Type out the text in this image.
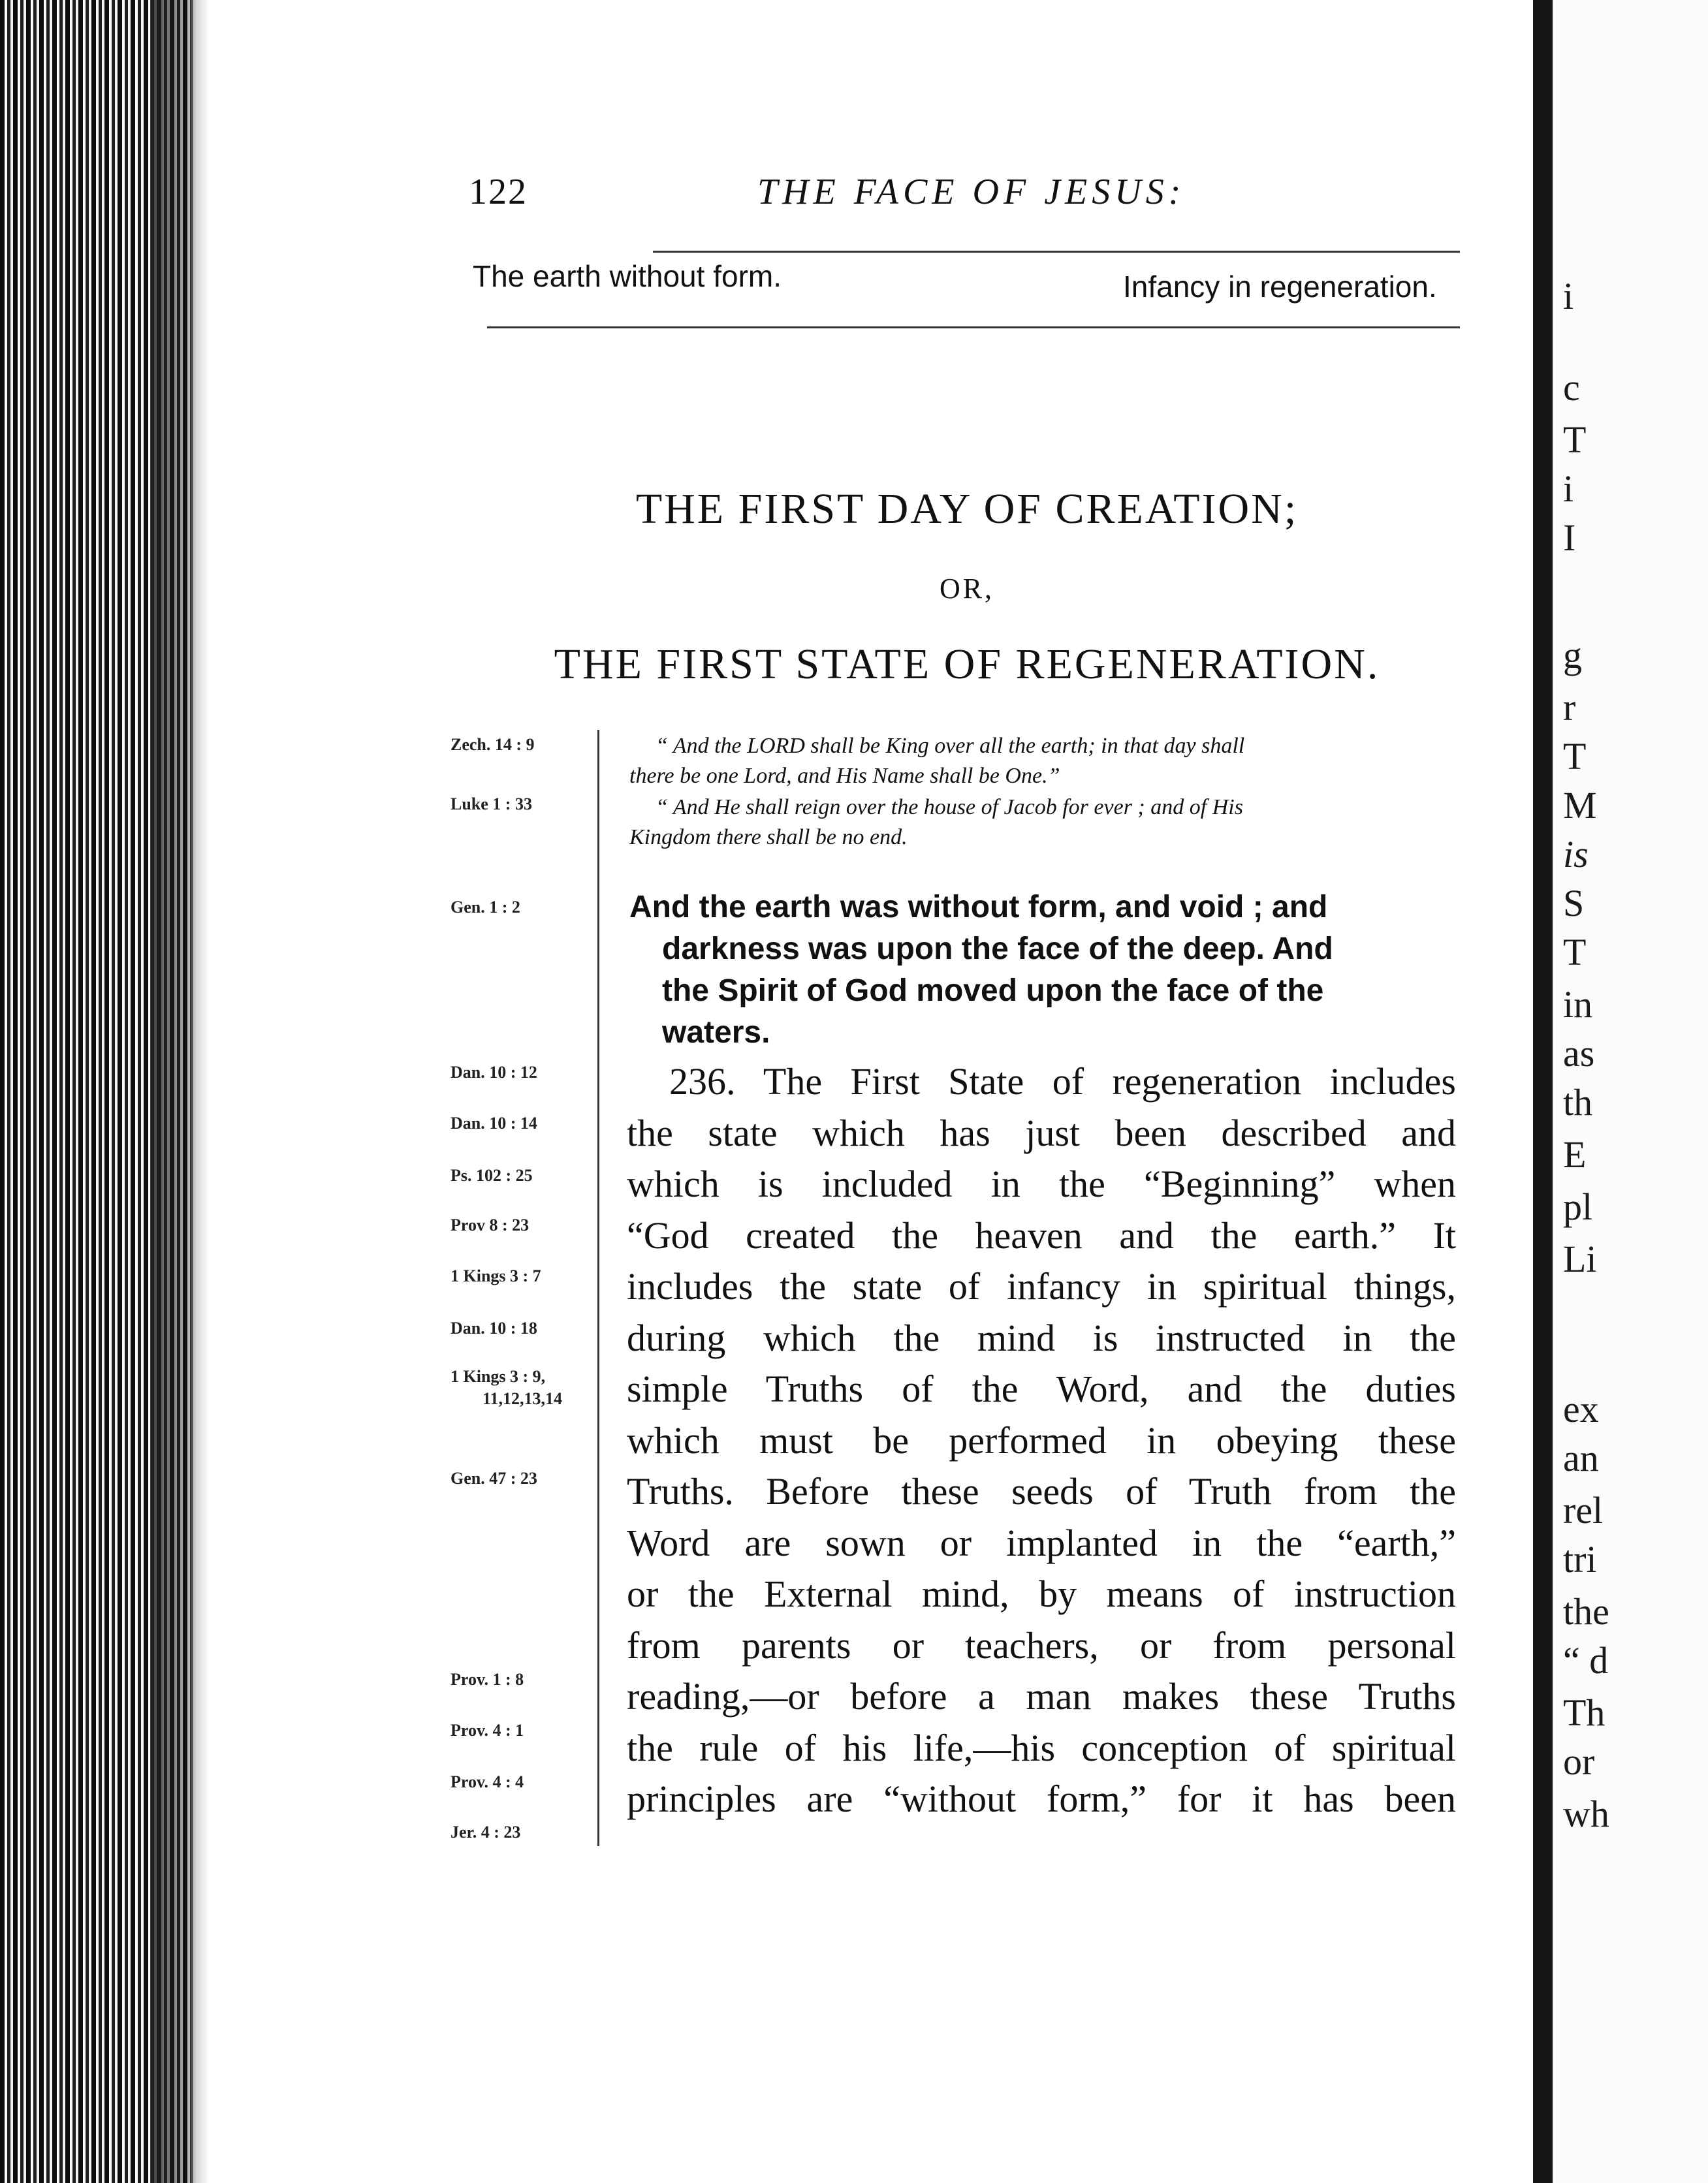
i
c
T
i
I
g
r
T
M
is
S
T
in
as
th
E
pl
Li
ex
an
rel
tri
the
“ d
Th
or
wh
122	THE FACE OF JESUS:
The earth without form.	Infancy in regeneration.
THE FIRST DAY OF CREATION;
OR,
THE FIRST STATE OF REGENERATION.
Zech. 14 : 9
Luke 1 : 33
Gen. 1 : 2
Dan. 10 : 12
Dan. 10 : 14
Ps. 102 : 25
Prov 8 : 23
1 Kings 3 : 7
Dan. 10 : 18
1 Kings 3 : 9,
11,12,13,14
Gen. 47 : 23
Prov. 1 : 8
Prov. 4 : 1
Prov. 4 : 4
Jer. 4 : 23
“ And the LORD shall be King over all the earth; in that day shall
there be one Lord, and His Name shall be One.”
“ And He shall reign over the house of Jacob for ever ; and of His
Kingdom there shall be no end.
And the earth was without form, and void ; and
darkness was upon the face of the deep. And
the Spirit of God moved upon the face of the
waters.
236. The First State of regeneration includes
the state which has just been described and
which is included in the “Beginning” when
“God created the heaven and the earth.” It
includes the state of infancy in spiritual things,
during which the mind is instructed in the
simple Truths of the Word, and the duties
which must be performed in obeying these
Truths. Before these seeds of Truth from the
Word are sown or implanted in the “earth,”
or the External mind, by means of instruction
from parents or teachers, or from personal
reading,—or before a man makes these Truths
the rule of his life,—his conception of spiritual
principles are “without form,” for it has been
